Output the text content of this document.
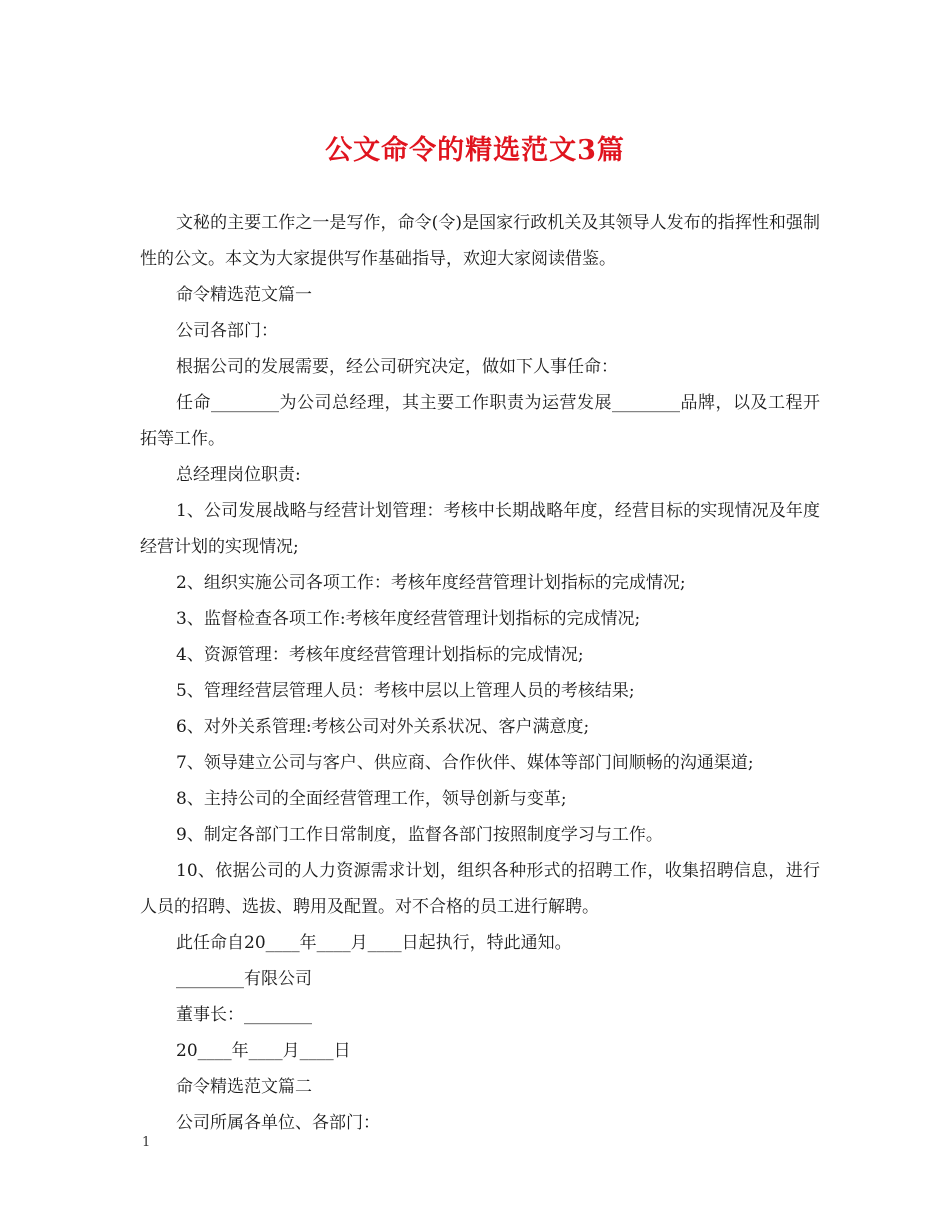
公文命令的精选范文3篇

文秘的主要工作之一是写作，命令(令)是国家行政机关及其领导人发布的指挥性和强制性的公文。本文为大家提供写作基础指导，欢迎大家阅读借鉴。

命令精选范文篇一

公司各部门：

根据公司的发展需要，经公司研究决定，做如下人事任命：

任命________为公司总经理，其主要工作职责为运营发展________品牌，以及工程开拓等工作。

总经理岗位职责:

1、公司发展战略与经营计划管理：考核中长期战略年度，经营目标的实现情况及年度经营计划的实现情况;

2、组织实施公司各项工作：考核年度经营管理计划指标的完成情况;

3、监督检查各项工作:考核年度经营管理计划指标的完成情况;

4、资源管理：考核年度经营管理计划指标的完成情况;

5、管理经营层管理人员：考核中层以上管理人员的考核结果;

6、对外关系管理:考核公司对外关系状况、客户满意度;

7、领导建立公司与客户、供应商、合作伙伴、媒体等部门间顺畅的沟通渠道;

8、主持公司的全面经营管理工作，领导创新与变革;

9、制定各部门工作日常制度，监督各部门按照制度学习与工作。

10、依据公司的人力资源需求计划，组织各种形式的招聘工作，收集招聘信息，进行人员的招聘、选拔、聘用及配置。对不合格的员工进行解聘。

此任命自20____年____月____日起执行，特此通知。

________有限公司

董事长：________

20____年____月____日

命令精选范文篇二

公司所属各单位、各部门：

1
